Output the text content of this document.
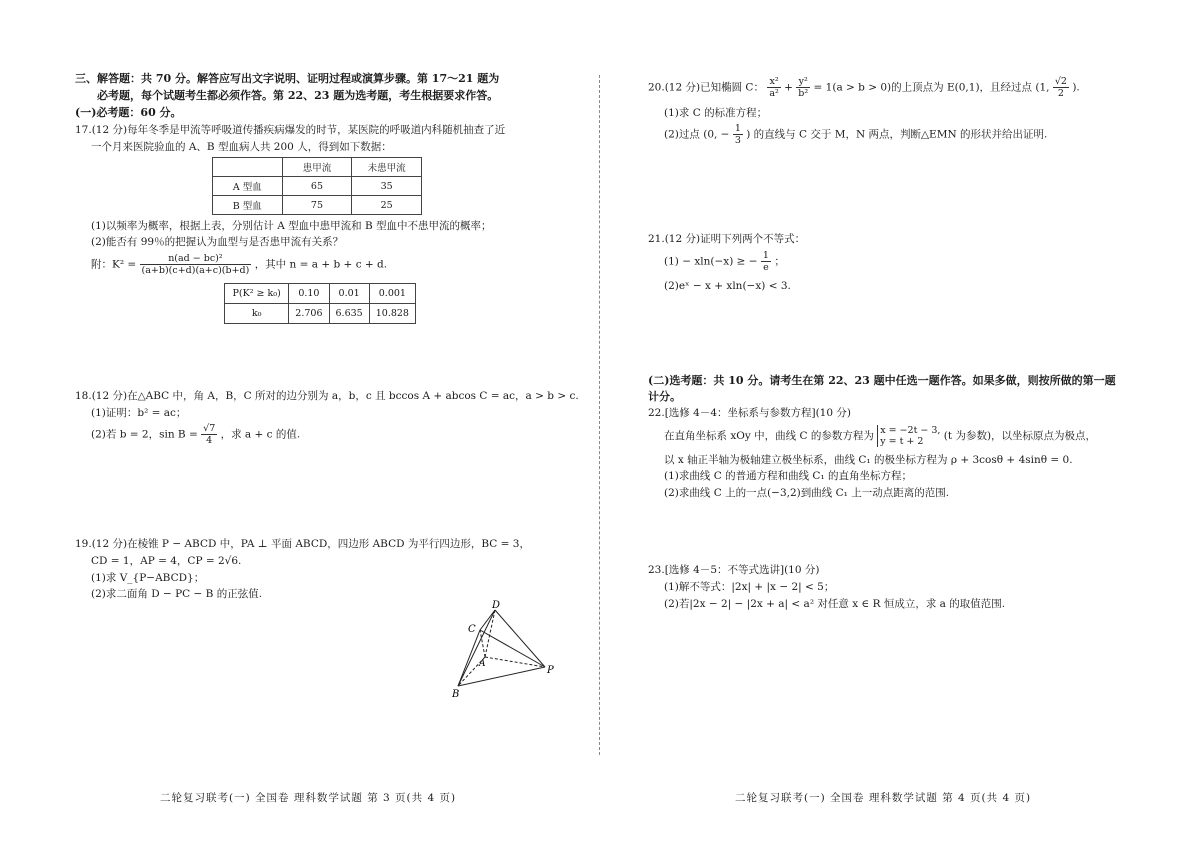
三、解答题：共 70 分。解答应写出文字说明、证明过程或演算步骤。第 17～21 题为
必考题，每个试题考生都必须作答。第 22、23 题为选考题，考生根据要求作答。
(一)必考题：60 分。
17.(12 分)每年冬季是甲流等呼吸道传播疾病爆发的时节，某医院的呼吸道内科随机抽查了近
一个月来医院验血的 A、B 型血病人共 200 人，得到如下数据：
	患甲流	未患甲流
A 型血	65	35
B 型血	75	25
(1)以频率为概率，根据上表，分别估计 A 型血中患甲流和 B 型血中不患甲流的概率；
(2)能否有 99％的把握认为血型与是否患甲流有关系？
附：$K^2 = \frac{\text{n(ad − bc)²}}{(a+b)(c+d)(a+c)(b+d)}$ ，其中 n = a + b + c + d.
P(K² ≥ k₀)	0.10	0.01	0.001
k₀	2.706	6.635	10.828
18.(12 分)在△ABC 中，角 A，B，C 所对的边分别为 a，b，c 且 bccos A + abcos C = ac，a > b > c.
(1)证明：b² = ac；
(2)若 b = 2，$\sin B = \frac{√7}{4}$ ，求 a + c 的值.
19.(12 分)在棱锥 P − ABCD 中，PA ⊥ 平面 ABCD，四边形 ABCD 为平行四边形，BC = 3，
CD = 1，AP = 4，CP = 2√6.
(1)求 V_{P−ABCD}；
(2)求二面角 D − PC − B 的正弦值.
D
C
A
P
B
二轮复习联考(一) 全国卷 理科数学试题 第 3 页(共 4 页)
20.(12 分)已知椭圆 C： $\frac{\text{x²}}{\text{a²}} + \frac{\text{y²}}{\text{b²}} = 1(a > b > 0)$的上顶点为 E(0,1)，且经过点 (1, $\frac{√2}{2}$ ).
(1)求 C 的标准方程；
(2)过点 (0, − $\frac{1}{3}$ ) 的直线与 C 交于 M，N 两点，判断△EMN 的形状并给出证明.
21.(12 分)证明下列两个不等式：
(1) − xln(−x) ≥ − $\frac{1}{e}$ ；
(2)eˣ − x + xln(−x) < 3.
(二)选考题：共 10 分。请考生在第 22、23 题中任选一题作答。如果多做，则按所做的第一题
计分。
22.[选修 4－4：坐标系与参数方程](10 分)
在直角坐标系 xOy 中，曲线 C 的参数方程为 x = −2t − 3,
y = t + 2	(t 为参数)，以坐标原点为极点，
以 x 轴正半轴为极轴建立极坐标系，曲线 C₁ 的极坐标方程为 ρ + 3cosθ + 4sinθ = 0.
(1)求曲线 C 的普通方程和曲线 C₁ 的直角坐标方程；
(2)求曲线 C 上的一点(−3,2)到曲线 C₁ 上一动点距离的范围.
23.[选修 4－5：不等式选讲](10 分)
(1)解不等式：|2x| + |x − 2| < 5；
(2)若|2x − 2| − |2x + a| < a² 对任意 x ∈ R 恒成立，求 a 的取值范围.
二轮复习联考(一) 全国卷 理科数学试题 第 4 页(共 4 页)
